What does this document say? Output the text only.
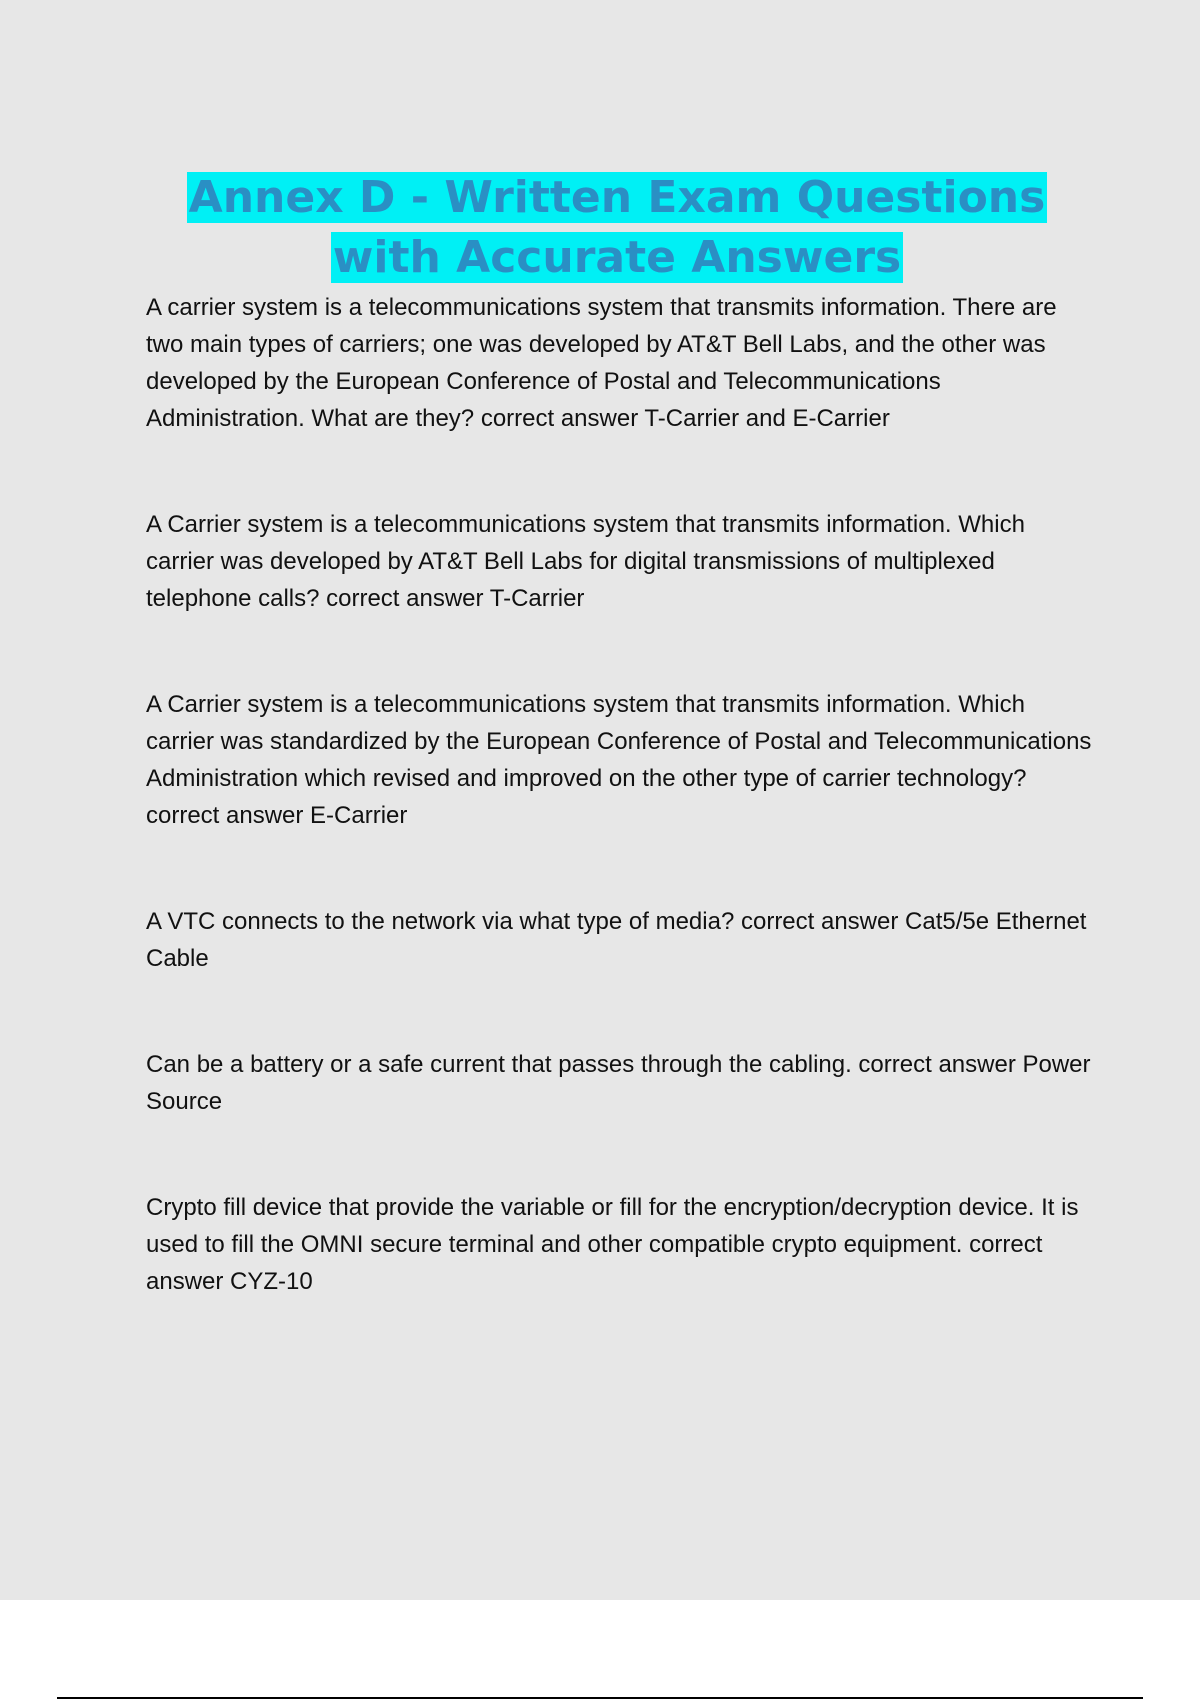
Annex D - Written Exam Questions with Accurate Answers

A carrier system is a telecommunications system that transmits information. There are two main types of carriers; one was developed by AT&T Bell Labs, and the other was developed by the European Conference of Postal and Telecommunications Administration. What are they? correct answer T-Carrier and E-Carrier

A Carrier system is a telecommunications system that transmits information. Which carrier was developed by AT&T Bell Labs for digital transmissions of multiplexed telephone calls? correct answer T-Carrier

A Carrier system is a telecommunications system that transmits information. Which carrier was standardized by the European Conference of Postal and Telecommunications Administration which revised and improved on the other type of carrier technology? correct answer E-Carrier

A VTC connects to the network via what type of media? correct answer Cat5/5e Ethernet Cable

Can be a battery or a safe current that passes through the cabling. correct answer Power Source

Crypto fill device that provide the variable or fill for the encryption/decryption device. It is used to fill the OMNI secure terminal and other compatible crypto equipment. correct answer CYZ-10
